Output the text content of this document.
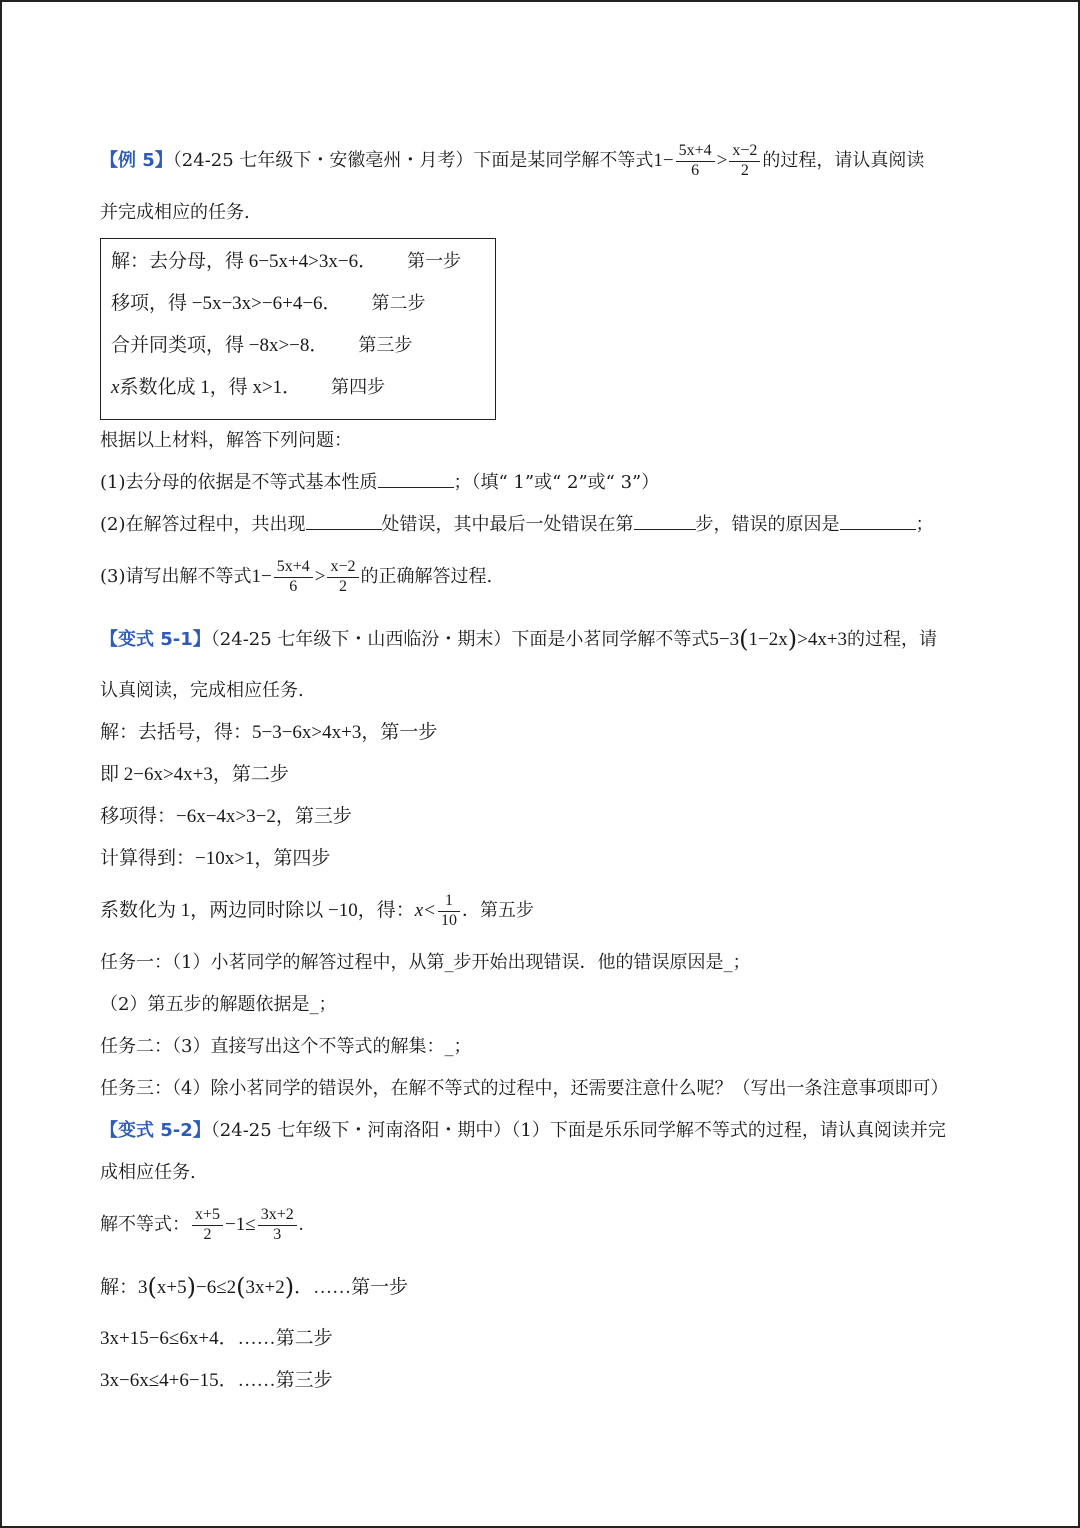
【例 5】（24-25 七年级下・安徽亳州・月考）下面是某同学解不等式$1- \frac{5x+4}{6} > \frac{x-2}{2}$ 的过程，请认真阅读
并完成相应的任务.
解：去分母，得 6−5x+4>3x−6． 第一步
移项，得 −5x−3x>−6+4−6． 第二步
合并同类项，得 −8x>−8． 第三步
x系数化成 1，得 x>1． 第四步
根据以上材料，解答下列问题：
(1)去分母的依据是不等式基本性质	；（填“ 1”或“ 2”或“ 3”）
(2)在解答过程中，共出现	处错误，其中最后一处错误在第	步，错误的原因是	；
(3)请写出解不等式$1- \frac{5x+4}{6} > \frac{x-2}{2}$ 的正确解答过程.
【变式 5-1】（24-25 七年级下・山西临汾・期末）下面是小茗同学解不等式5−3(1−2x)>4x+3的过程，请
认真阅读，完成相应任务.
解：去括号，得：5−3−6x>4x+3，第一步
即 2−6x>4x+3，第二步
移项得：−6x−4x>3−2，第三步
计算得到：−10x>1，第四步
系数化为 1，两边同时除以 −10，得：$x< \frac{1}{10}$ ．第五步
任务一：（1）小茗同学的解答过程中，从第_步开始出现错误．他的错误原因是_；
（2）第五步的解题依据是_；
任务二：（3）直接写出这个不等式的解集：_；
任务三：（4）除小茗同学的错误外，在解不等式的过程中，还需要注意什么呢？（写出一条注意事项即可）
【变式 5-2】（24-25 七年级下・河南洛阳・期中）（1）下面是乐乐同学解不等式的过程，请认真阅读并完
成相应任务.
解不等式： $\frac{x+5}{2} -1\le \frac{3x+2}{3}$ .
解：3(x+5)−6≤2(3x+2)．……第一步
3x+15−6≤6x+4．……第二步
3x−6x≤4+6−15．……第三步
